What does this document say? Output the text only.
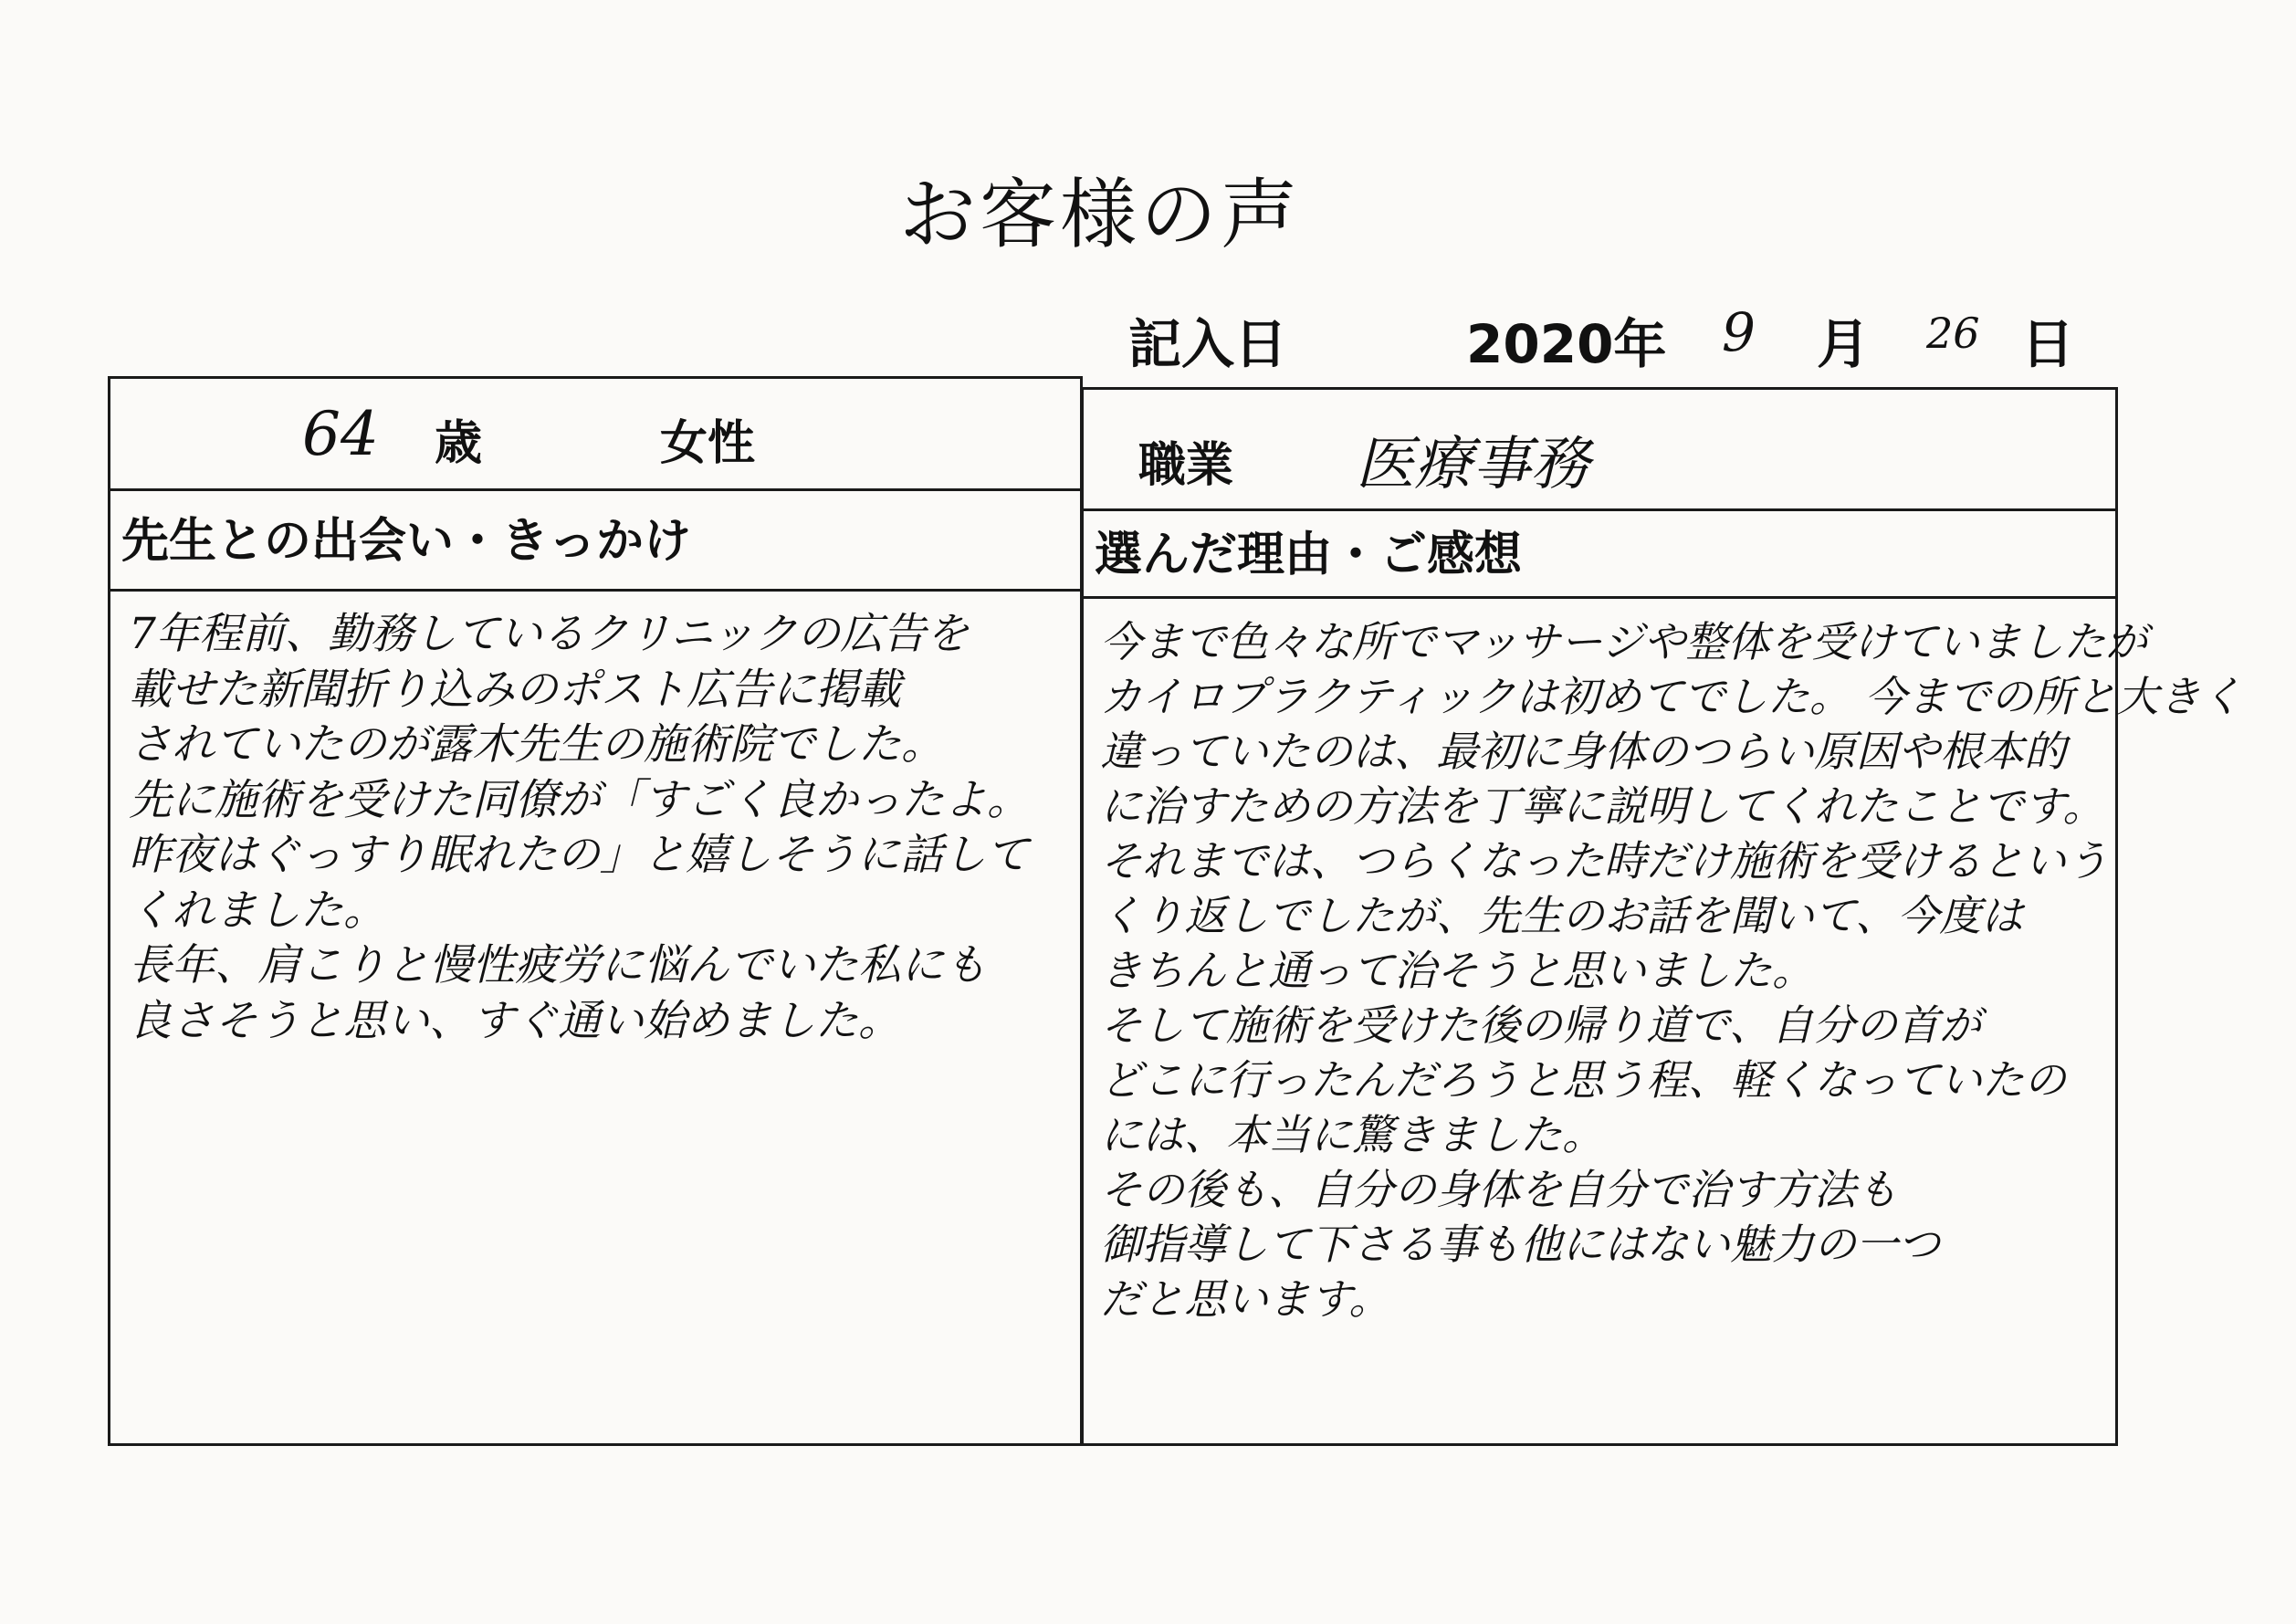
お客様の声
記入日	2020年 9 月 26 日
64 歳	女性
先生との出会い・きっかけ
7年程前、勤務しているクリニックの広告を
載せた新聞折り込みのポスト広告に掲載
されていたのが露木先生の施術院でした。
先に施術を受けた同僚が「すごく良かったよ。
昨夜はぐっすり眠れたの」と嬉しそうに話して
くれました。
長年、肩こりと慢性疲労に悩んでいた私にも
良さそうと思い、すぐ通い始めました。
職業 医療事務
選んだ理由・ご感想
今まで色々な所でマッサージや整体を受けていましたが
カイロプラクティックは初めてでした。 今までの所と大きく
違っていたのは、最初に身体のつらい原因や根本的
に治すための方法を丁寧に説明してくれたことです。
それまでは、つらくなった時だけ施術を受けるという
くり返しでしたが、先生のお話を聞いて、今度は
きちんと通って治そうと思いました。
そして施術を受けた後の帰り道で、自分の首が
どこに行ったんだろうと思う程、軽くなっていたの
には、本当に驚きました。
その後も、自分の身体を自分で治す方法も
御指導して下さる事も他にはない魅力の一つ
だと思います。
